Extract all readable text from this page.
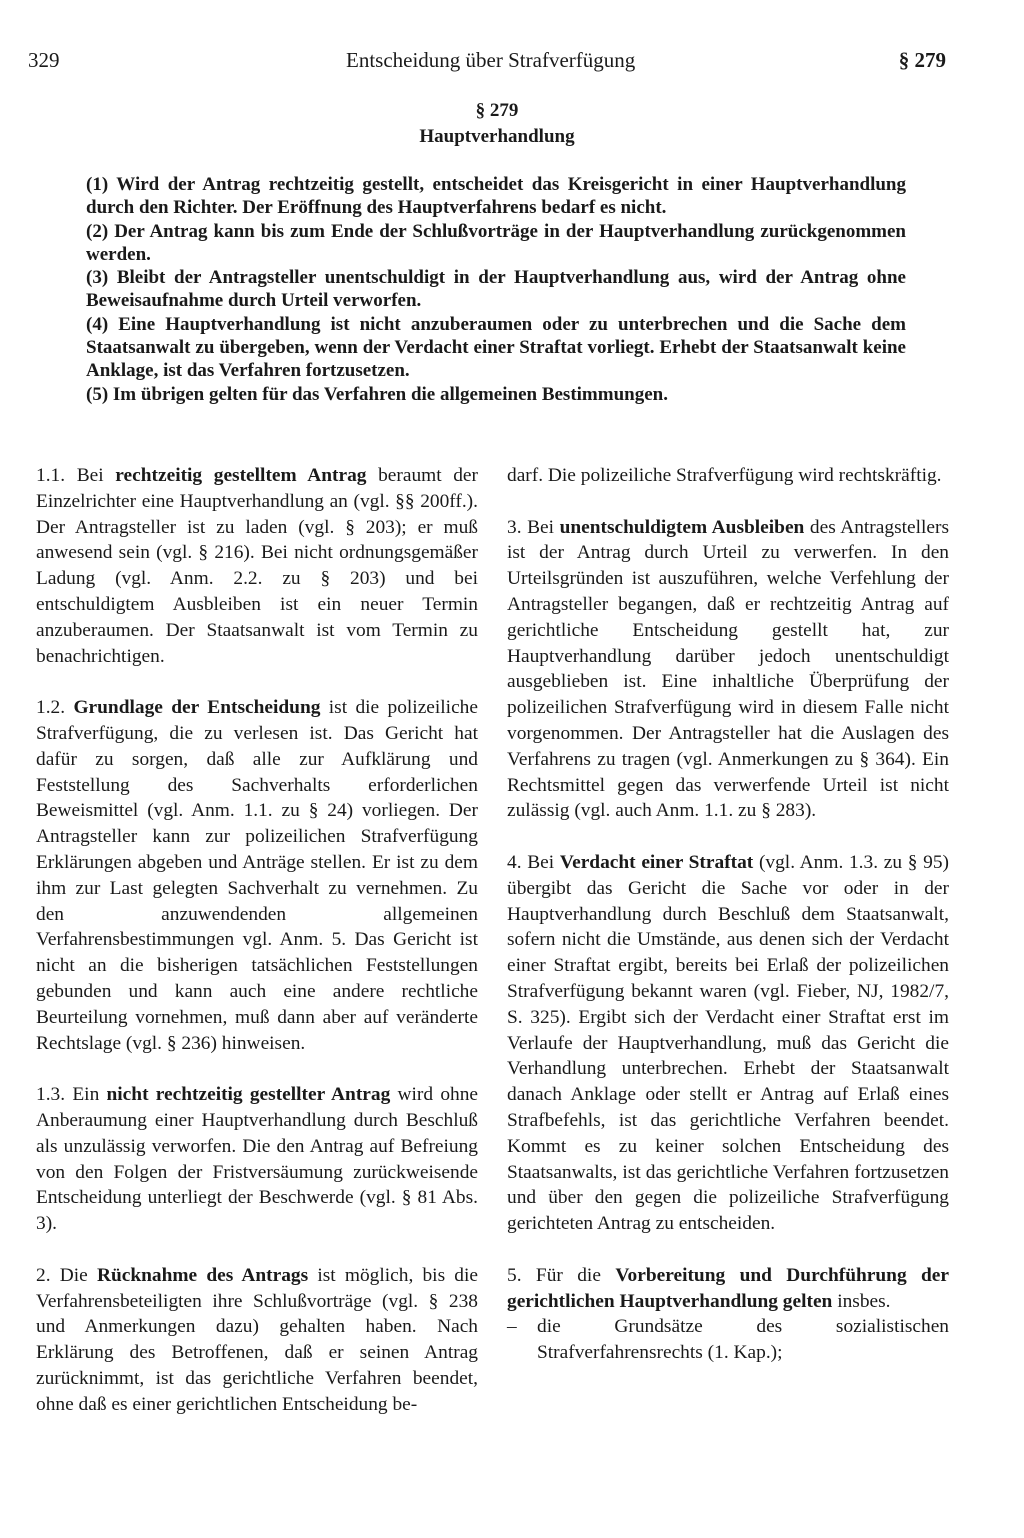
329	Entscheidung über Strafverfügung	§ 279
§ 279
Hauptverhandlung

(1) Wird der Antrag rechtzeitig gestellt, entscheidet das Kreisgericht in einer Hauptverhandlung durch den Richter. Der Eröffnung des Hauptverfahrens bedarf es nicht.

(2) Der Antrag kann bis zum Ende der Schlußvorträge in der Hauptverhandlung zurückgenommen werden.

(3) Bleibt der Antragsteller unentschuldigt in der Hauptverhandlung aus, wird der Antrag ohne Beweisaufnahme durch Urteil verworfen.

(4) Eine Hauptverhandlung ist nicht anzuberaumen oder zu unterbrechen und die Sache dem Staatsanwalt zu übergeben, wenn der Verdacht einer Straftat vorliegt. Erhebt der Staatsanwalt keine Anklage, ist das Verfahren fortzusetzen.

(5) Im übrigen gelten für das Verfahren die allgemeinen Bestimmungen.

1.1. Bei rechtzeitig gestelltem Antrag beraumt der Einzelrichter eine Hauptverhandlung an (vgl. §§ 200ff.). Der Antragsteller ist zu laden (vgl. § 203); er muß anwesend sein (vgl. § 216). Bei nicht ordnungsgemäßer Ladung (vgl. Anm. 2.2. zu § 203) und bei entschuldigtem Ausbleiben ist ein neuer Termin anzuberaumen. Der Staatsanwalt ist vom Termin zu benachrichtigen.

1.2. Grundlage der Entscheidung ist die polizeiliche Strafverfügung, die zu verlesen ist. Das Gericht hat dafür zu sorgen, daß alle zur Aufklärung und Feststellung des Sachverhalts erforderlichen Beweismittel (vgl. Anm. 1.1. zu § 24) vorliegen. Der Antragsteller kann zur polizeilichen Strafverfügung Erklärungen abgeben und Anträge stellen. Er ist zu dem ihm zur Last gelegten Sachverhalt zu vernehmen. Zu den anzuwendenden allgemeinen Verfahrensbestimmungen vgl. Anm. 5. Das Gericht ist nicht an die bisherigen tatsächlichen Feststellungen gebunden und kann auch eine andere rechtliche Beurteilung vornehmen, muß dann aber auf veränderte Rechtslage (vgl. § 236) hinweisen.

1.3. Ein nicht rechtzeitig gestellter Antrag wird ohne Anberaumung einer Hauptverhandlung durch Beschluß als unzulässig verworfen. Die den Antrag auf Befreiung von den Folgen der Fristversäumung zurückweisende Entscheidung unterliegt der Beschwerde (vgl. § 81 Abs. 3).

2. Die Rücknahme des Antrags ist möglich, bis die Verfahrensbeteiligten ihre Schlußvorträge (vgl. § 238 und Anmerkungen dazu) gehalten haben. Nach Erklärung des Betroffenen, daß er seinen Antrag zurücknimmt, ist das gerichtliche Verfahren beendet, ohne daß es einer gerichtlichen Entscheidung be-

darf. Die polizeiliche Strafverfügung wird rechtskräftig.

3. Bei unentschuldigtem Ausbleiben des Antragstellers ist der Antrag durch Urteil zu verwerfen. In den Urteilsgründen ist auszuführen, welche Verfehlung der Antragsteller begangen, daß er rechtzeitig Antrag auf gerichtliche Entscheidung gestellt hat, zur Hauptverhandlung darüber jedoch unentschuldigt ausgeblieben ist. Eine inhaltliche Überprüfung der polizeilichen Strafverfügung wird in diesem Falle nicht vorgenommen. Der Antragsteller hat die Auslagen des Verfahrens zu tragen (vgl. Anmerkungen zu § 364). Ein Rechtsmittel gegen das verwerfende Urteil ist nicht zulässig (vgl. auch Anm. 1.1. zu § 283).

4. Bei Verdacht einer Straftat (vgl. Anm. 1.3. zu § 95) übergibt das Gericht die Sache vor oder in der Hauptverhandlung durch Beschluß dem Staatsanwalt, sofern nicht die Umstände, aus denen sich der Verdacht einer Straftat ergibt, bereits bei Erlaß der polizeilichen Strafverfügung bekannt waren (vgl. Fieber, NJ, 1982/7, S. 325). Ergibt sich der Verdacht einer Straftat erst im Verlaufe der Hauptverhandlung, muß das Gericht die Verhandlung unterbrechen. Erhebt der Staatsanwalt danach Anklage oder stellt er Antrag auf Erlaß eines Strafbefehls, ist das gerichtliche Verfahren beendet. Kommt es zu keiner solchen Entscheidung des Staatsanwalts, ist das gerichtliche Verfahren fortzusetzen und über den gegen die polizeiliche Strafverfügung gerichteten Antrag zu entscheiden.

5. Für die Vorbereitung und Durchführung der gerichtlichen Hauptverhandlung gelten insbes.

–	die Grundsätze des sozialistischen Strafverfahrensrechts (1. Kap.);
